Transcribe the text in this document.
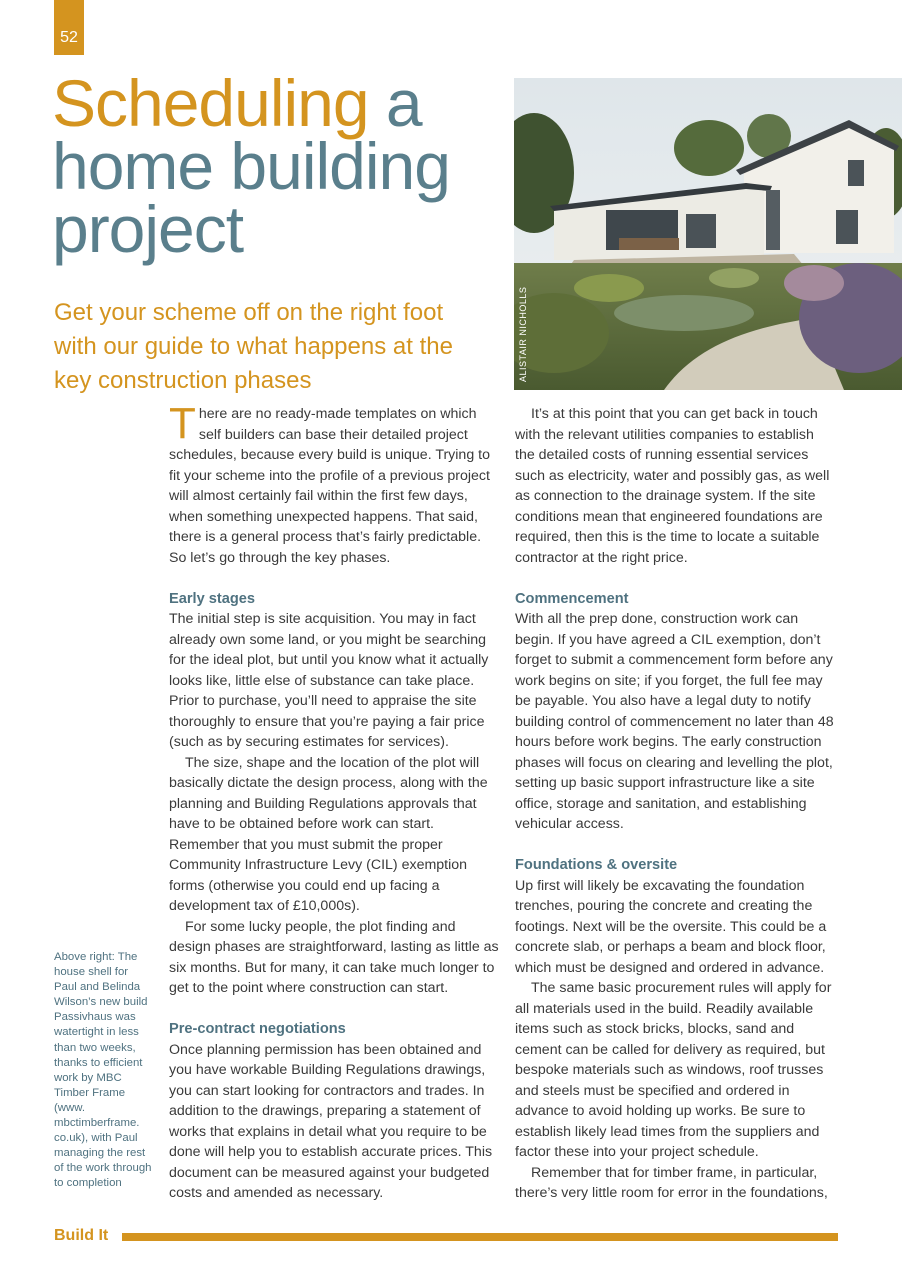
52
Scheduling a home building project
Get your scheme off on the right foot with our guide to what happens at the key construction phases	ALISTAIR NICHOLLS

There are no ready-made templates on which self builders can base their detailed project schedules, because every build is unique. Trying to fit your scheme into the profile of a previous project will almost certainly fail within the first few days, when something unexpected happens. That said, there is a general process that’s fairly predictable. So let’s go through the key phases.

Early stages

The initial step is site acquisition. You may in fact already own some land, or you might be searching for the ideal plot, but until you know what it actually looks like, little else of substance can take place. Prior to purchase, you’ll need to appraise the site thoroughly to ensure that you’re paying a fair price (such as by securing estimates for services).

The size, shape and the location of the plot will basically dictate the design process, along with the planning and Building Regulations approvals that have to be obtained before work can start. Remember that you must submit the proper Community Infrastructure Levy (CIL) exemption forms (otherwise you could end up facing a development tax of £10,000s).

For some lucky people, the plot finding and design phases are straightforward, lasting as little as six months. But for many, it can take much longer to get to the point where construction can start.

Pre-contract negotiations

Once planning permission has been obtained and you have workable Building Regulations drawings, you can start looking for contractors and trades. In addition to the drawings, preparing a statement of works that explains in detail what you require to be done will help you to establish accurate prices. This document can be measured against your budgeted costs and amended as necessary.

It’s at this point that you can get back in touch with the relevant utilities companies to establish the detailed costs of running essential services such as electricity, water and possibly gas, as well as connection to the drainage system. If the site conditions mean that engineered foundations are required, then this is the time to locate a suitable contractor at the right price.

Commencement

With all the prep done, construction work can begin. If you have agreed a CIL exemption, don’t forget to submit a commencement form before any work begins on site; if you forget, the full fee may be payable. You also have a legal duty to notify building control of commencement no later than 48 hours before work begins. The early construction phases will focus on clearing and levelling the plot, setting up basic support infrastructure like a site office, storage and sanitation, and establishing vehicular access.

Foundations & oversite

Up first will likely be excavating the foundation trenches, pouring the concrete and creating the footings. Next will be the oversite. This could be a concrete slab, or perhaps a beam and block floor, which must be designed and ordered in advance.

The same basic procurement rules will apply for all materials used in the build. Readily available items such as stock bricks, blocks, sand and cement can be called for delivery as required, but bespoke materials such as windows, roof trusses and steels must be specified and ordered in advance to avoid holding up works. Be sure to establish likely lead times from the suppliers and factor these into your project schedule.

Remember that for timber frame, in particular, there’s very little room for error in the foundations,

Above right: The house shell for Paul and Belinda Wilson’s new build Passivhaus was watertight in less than two weeks, thanks to efficient work by MBC Timber Frame (www. mbctimberframe. co.uk), with Paul managing the rest of the work through to completion
Build It
